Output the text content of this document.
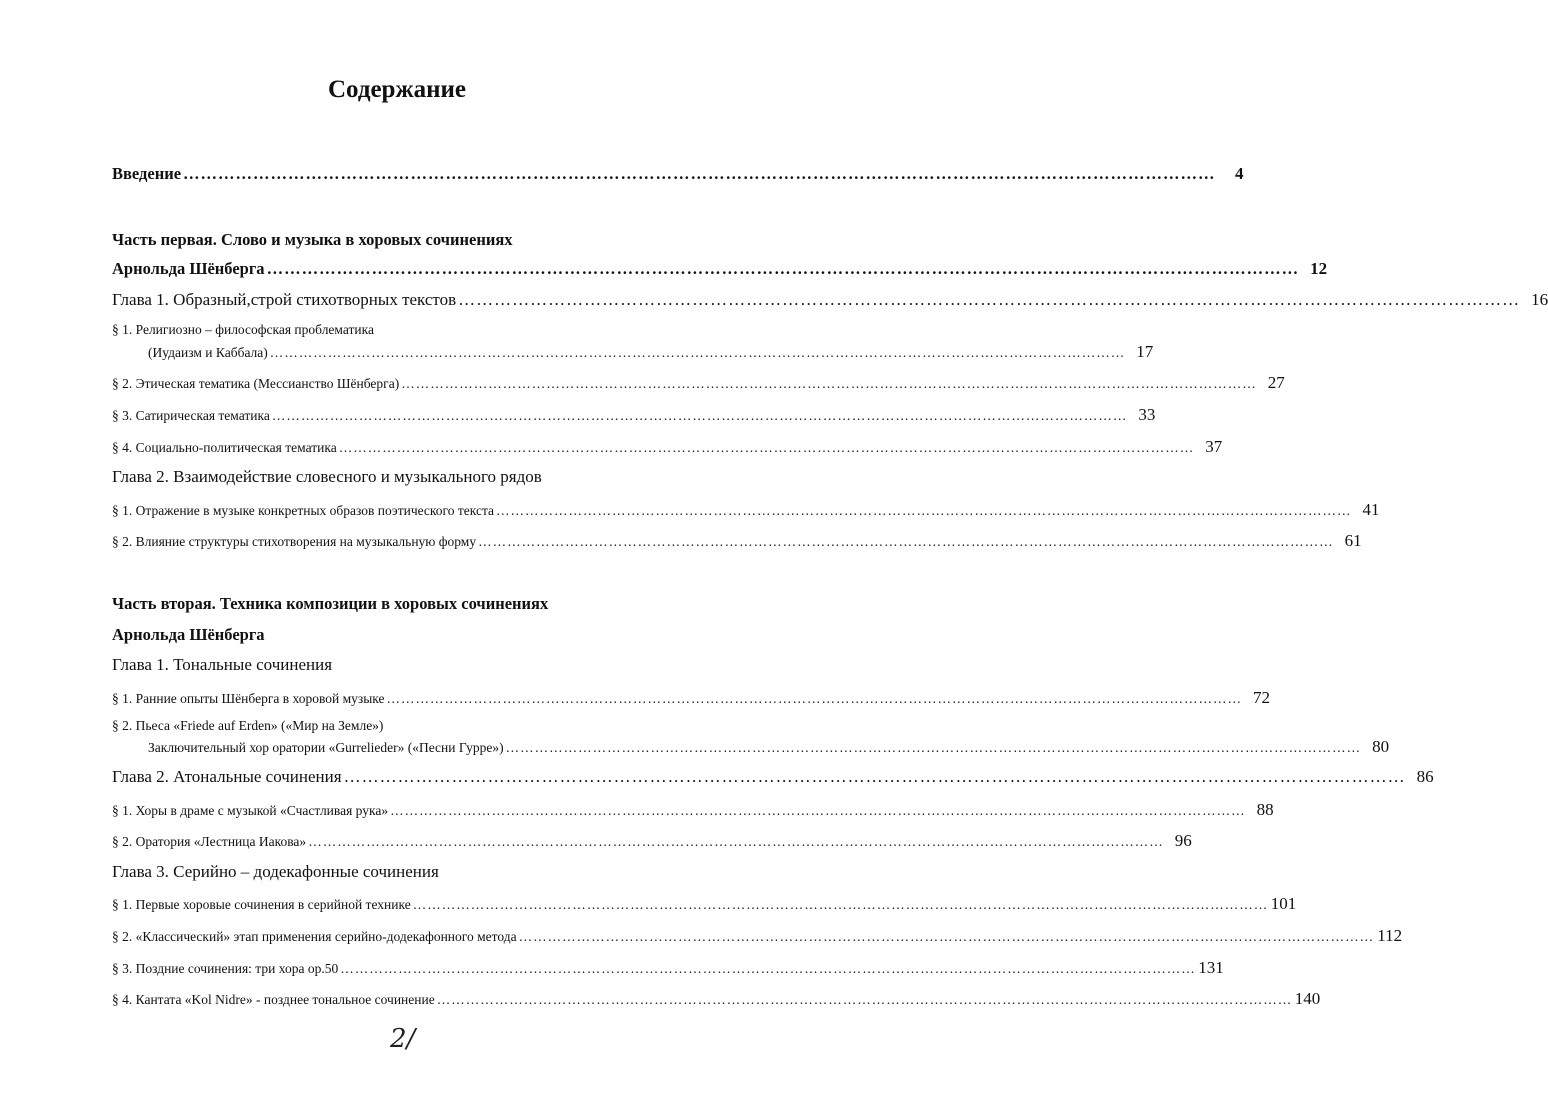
Содержание
Введение ……………………………………………………………………………………………………………………………………………………………	4
Часть первая. Слово и музыка в хоровых сочинениях
Арнольда Шёнберга …………………………………………………………………………………………………………………………………………………………… 12
Глава 1. Образный,строй стихотворных текстов …………………………………………………………………………………………………………………………………………………………… 16
§ 1. Религиозно – философская проблематика
(Иудаизм и Каббала) …………………………………………………………………………………………………………………………………………………………… 17
§ 2. Этическая тематика (Мессианство Шёнберга) …………………………………………………………………………………………………………………………………………………………… 27
§ 3. Сатирическая тематика …………………………………………………………………………………………………………………………………………………………… 33
§ 4. Социально-политическая тематика …………………………………………………………………………………………………………………………………………………………… 37
Глава 2. Взаимодействие словесного и музыкального рядов
§ 1. Отражение в музыке конкретных образов поэтического текста …………………………………………………………………………………………………………………………………………………………… 41
§ 2. Влияние структуры стихотворения на музыкальную форму …………………………………………………………………………………………………………………………………………………………… 61
Часть вторая. Техника композиции в хоровых сочинениях
Арнольда Шёнберга
Глава 1. Тональные сочинения
§ 1. Ранние опыты Шёнберга в хоровой музыке …………………………………………………………………………………………………………………………………………………………… 72
§ 2. Пьеса «Friede auf Erden» («Мир на Земле»)
Заключительный хор оратории «Gurrelieder» («Песни Гурре») …………………………………………………………………………………………………………………………………………………………… 80
Глава 2. Атональные сочинения …………………………………………………………………………………………………………………………………………………………… 86
§ 1. Хоры в драме с музыкой «Счастливая рука» …………………………………………………………………………………………………………………………………………………………… 88
§ 2. Оратория «Лестница Иакова» …………………………………………………………………………………………………………………………………………………………… 96
Глава 3. Серийно – додекафонные сочинения
§ 1. Первые хоровые сочинения в серийной технике …………………………………………………………………………………………………………………………………………………………… 101
§ 2. «Классический» этап применения серийно-додекафонного метода …………………………………………………………………………………………………………………………………………………………… 112
§ 3. Поздние сочинения: три хора op.50 …………………………………………………………………………………………………………………………………………………………… 131
§ 4. Кантата «Kol Nidre» - позднее тональное сочинение …………………………………………………………………………………………………………………………………………………………… 140
2/
